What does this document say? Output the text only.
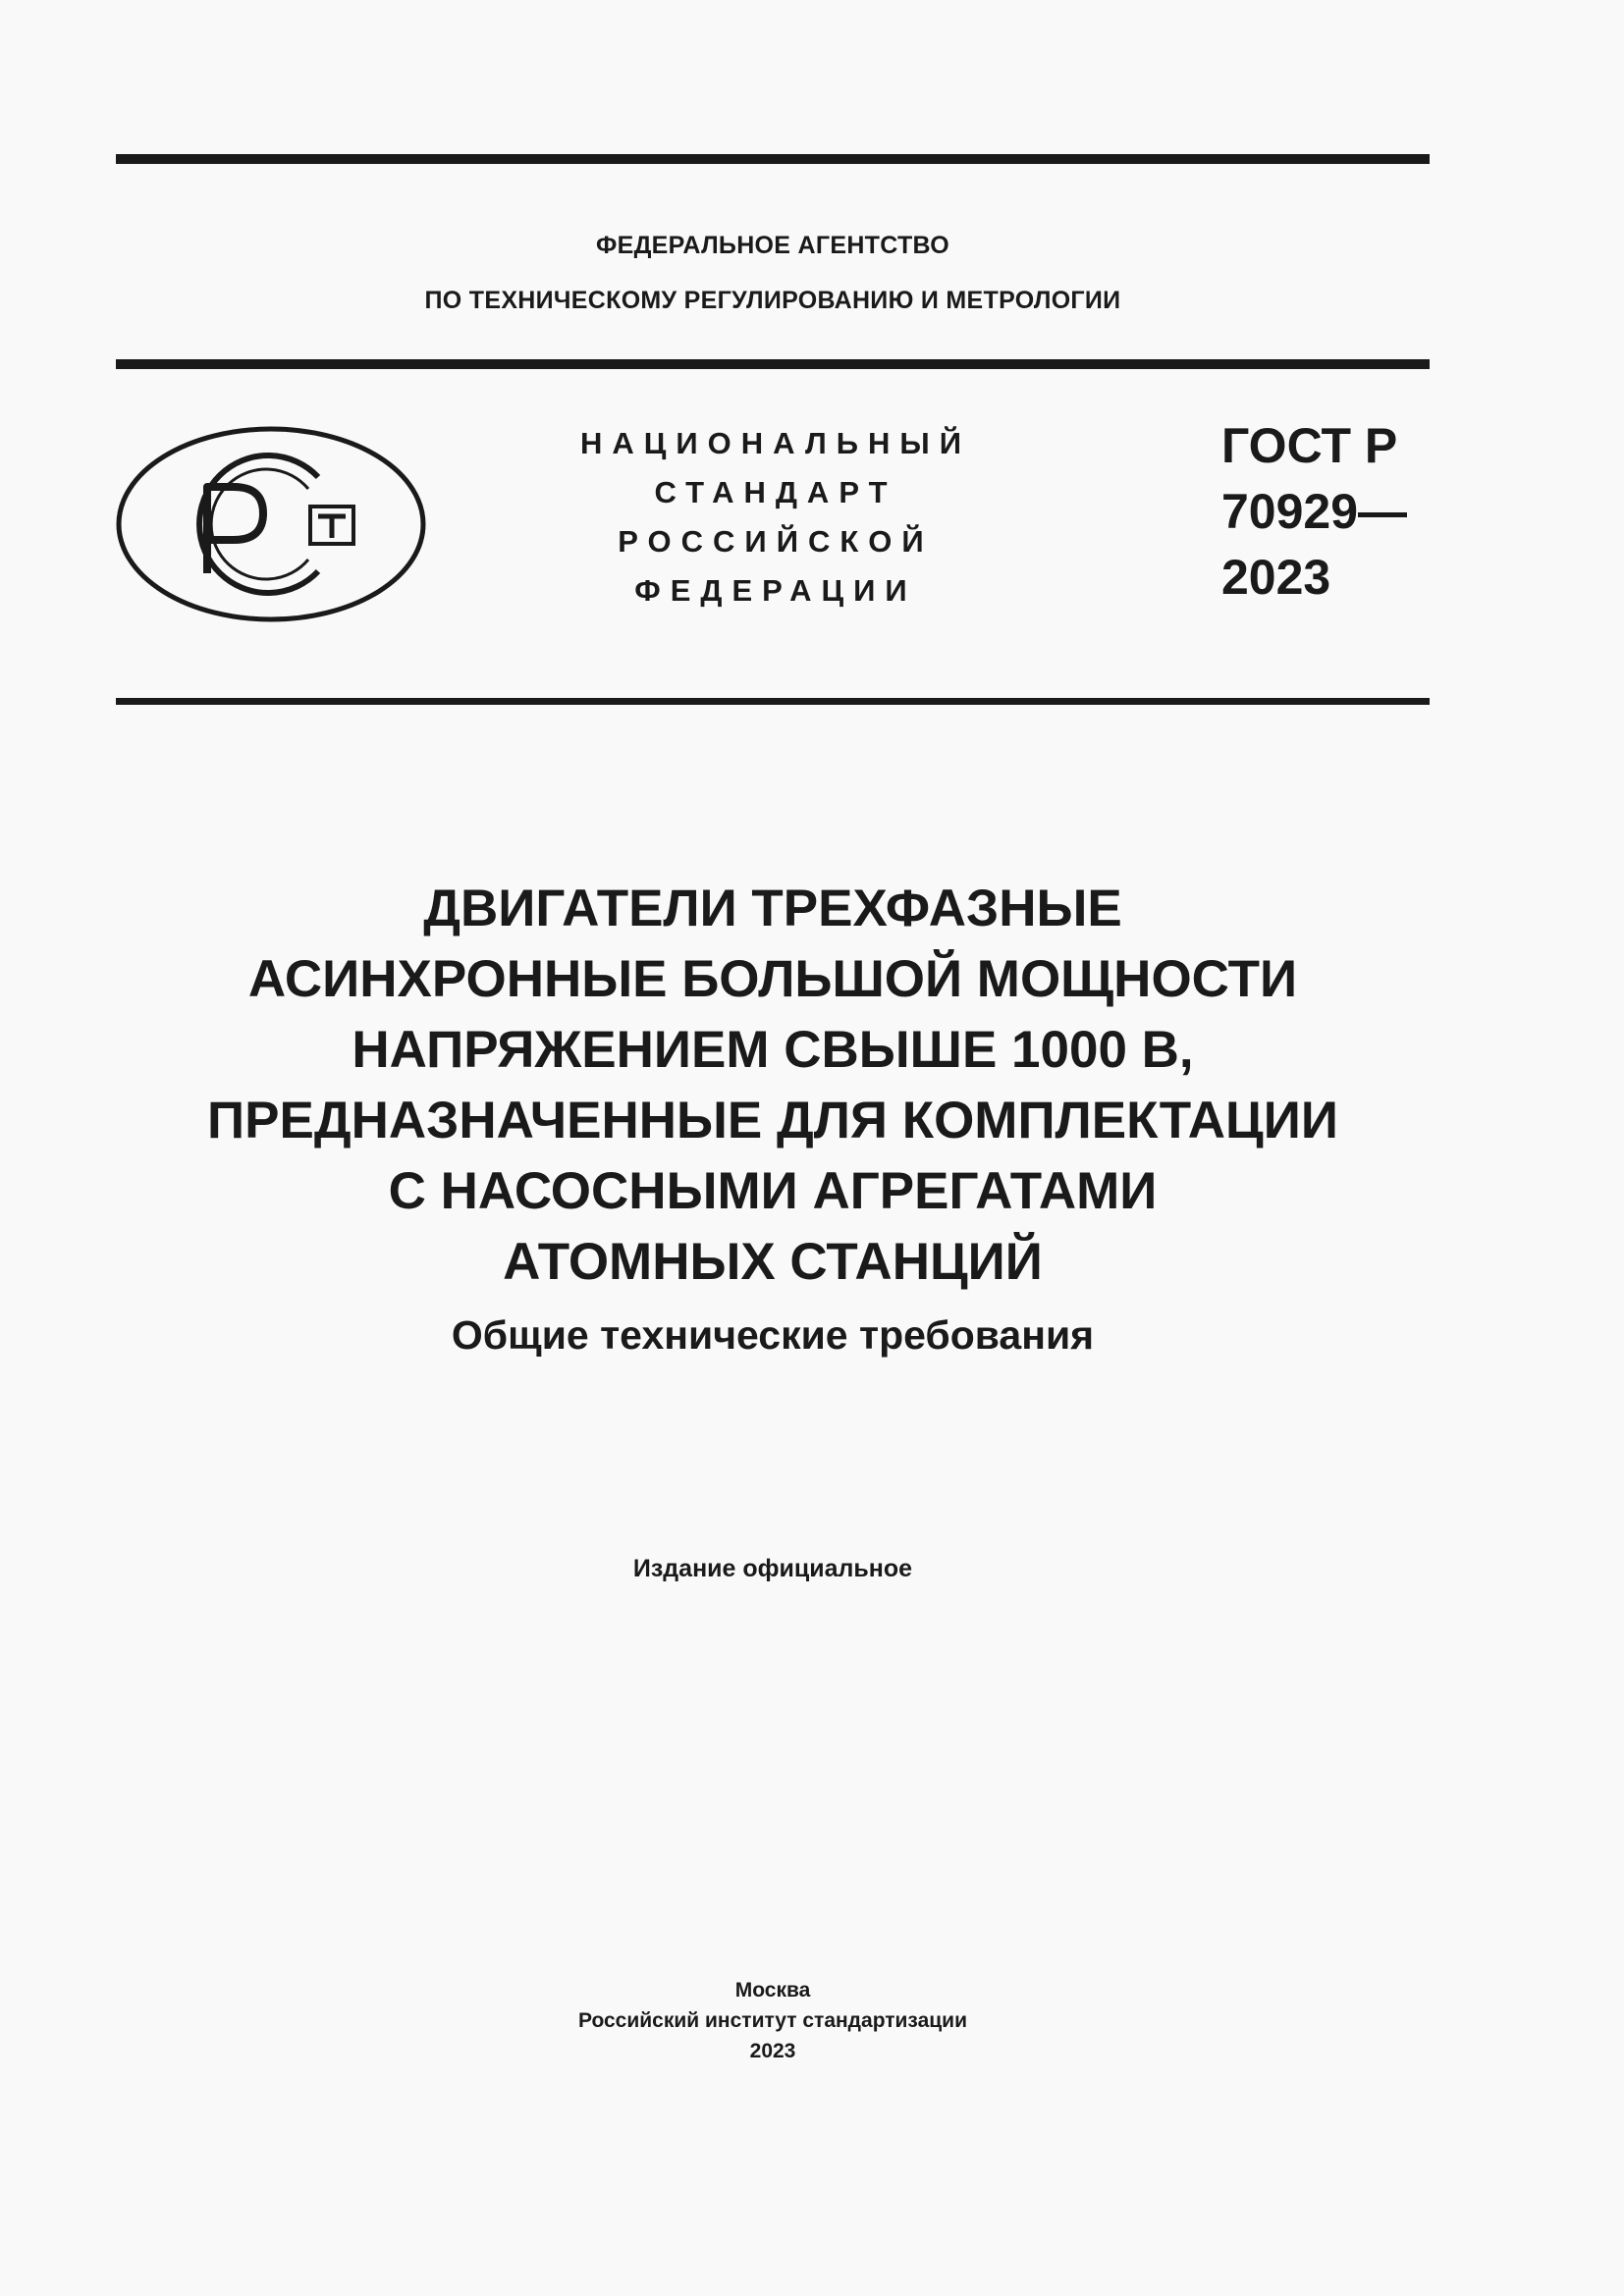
ФЕДЕРАЛЬНОЕ АГЕНТСТВО
ПО ТЕХНИЧЕСКОМУ РЕГУЛИРОВАНИЮ И МЕТРОЛОГИИ
НАЦИОНАЛЬНЫЙ
СТАНДАРТ
РОССИЙСКОЙ
ФЕДЕРАЦИИ
ГОСТ Р
70929—
2023
ДВИГАТЕЛИ ТРЕХФАЗНЫЕ
АСИНХРОННЫЕ БОЛЬШОЙ МОЩНОСТИ
НАПРЯЖЕНИЕМ СВЫШЕ 1000 В,
ПРЕДНАЗНАЧЕННЫЕ ДЛЯ КОМПЛЕКТАЦИИ
С НАСОСНЫМИ АГРЕГАТАМИ
АТОМНЫХ СТАНЦИЙ
Общие технические требования
Издание официальное
Москва
Российский институт стандартизации
2023
